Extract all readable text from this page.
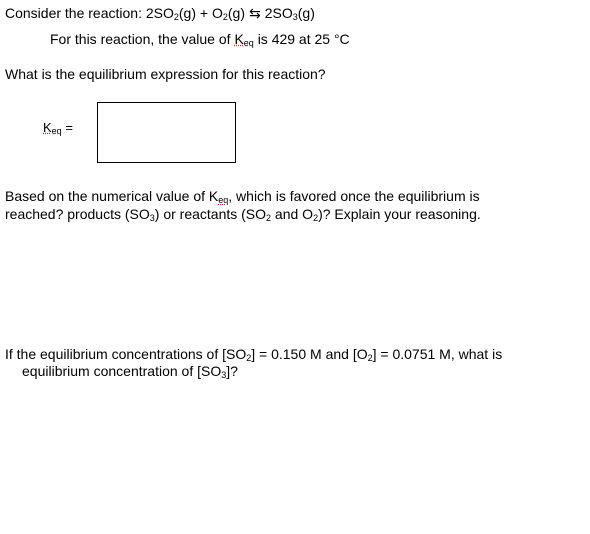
Consider the reaction: $2SO_2(g) + O_2(g)$ ⇆ $2SO_3(g)$
For this reaction, the value of $K_{eq}$ is 429 at 25 °C
What is the equilibrium expression for this reaction?
$K_{eq}$ =
Based on the numerical value of $K_{eq}$, which is favored once the equilibrium is
reached? products $(SO_3)$ or reactants ($SO_2$ and $O_2$)? Explain your reasoning.
If the equilibrium concentrations of $[SO_2] = 0.150$ M and $[O_2] = 0.0751$ M, what is
equilibrium concentration of $[SO_3]$?
